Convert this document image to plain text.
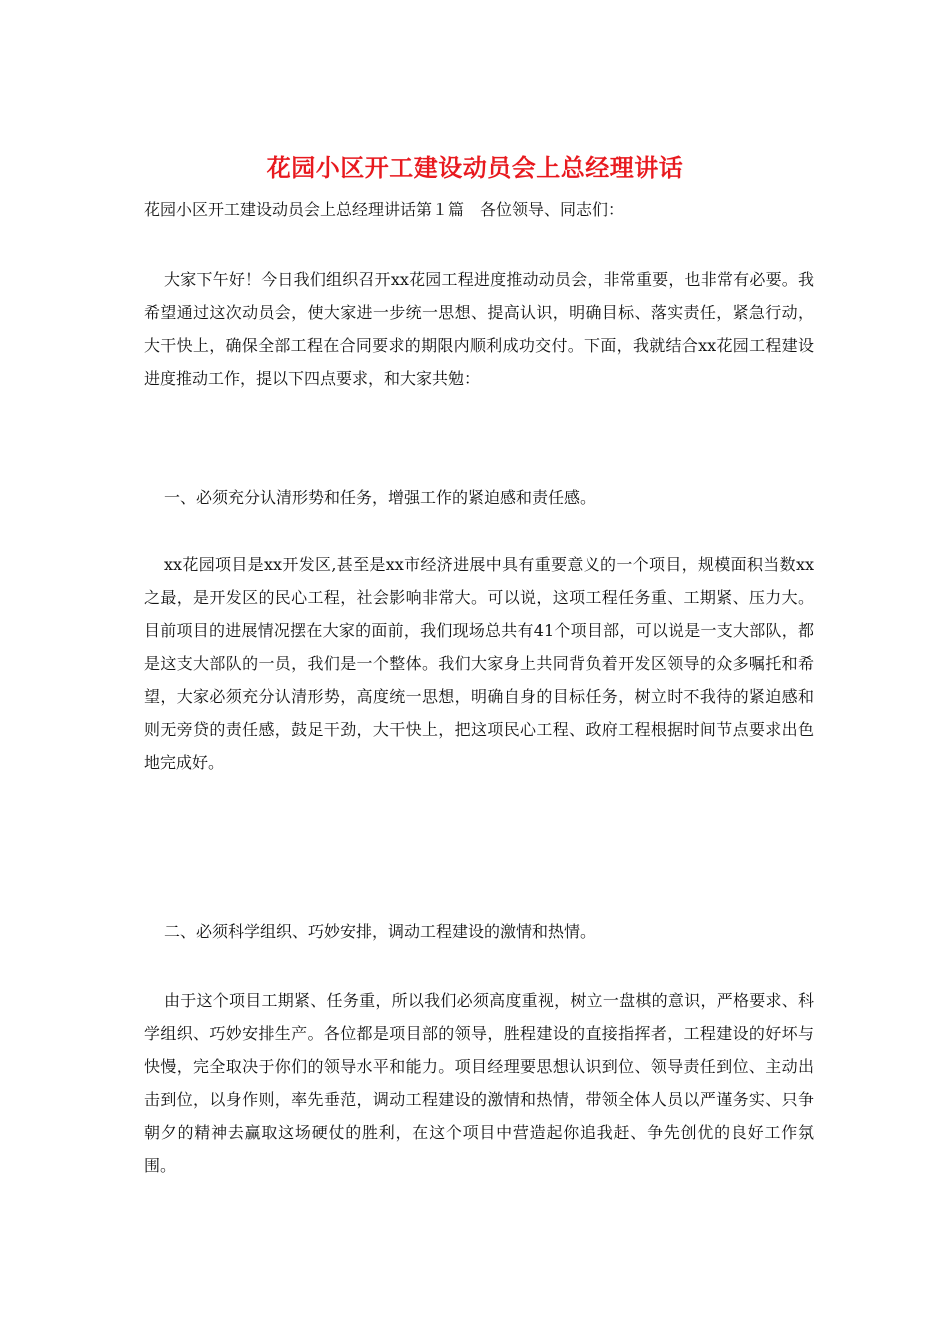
花园小区开工建设动员会上总经理讲话
花园小区开工建设动员会上总经理讲话第１篇　各位领导、同志们：

大家下午好！今日我们组织召开xx花园工程进度推动动员会，非常重要，也非常有必要。我希望通过这次动员会，使大家进一步统一思想、提高认识，明确目标、落实责任，紧急行动，大干快上，确保全部工程在合同要求的期限内顺利成功交付。下面，我就结合xx花园工程建设进度推动工作，提以下四点要求，和大家共勉：

一、必须充分认清形势和任务，增强工作的紧迫感和责任感。

xx花园项目是xx开发区,甚至是xx市经济进展中具有重要意义的一个项目，规模面积当数xx之最，是开发区的民心工程，社会影响非常大。可以说，这项工程任务重、工期紧、压力大。目前项目的进展情况摆在大家的面前，我们现场总共有41个项目部，可以说是一支大部队，都是这支大部队的一员，我们是一个整体。我们大家身上共同背负着开发区领导的众多嘱托和希望，大家必须充分认清形势，高度统一思想，明确自身的目标任务，树立时不我待的紧迫感和则无旁贷的责任感，鼓足干劲，大干快上，把这项民心工程、政府工程根据时间节点要求出色地完成好。

二、必须科学组织、巧妙安排，调动工程建设的激情和热情。

由于这个项目工期紧、任务重，所以我们必须高度重视，树立一盘棋的意识，严格要求、科学组织、巧妙安排生产。各位都是项目部的领导，胜程建设的直接指挥者，工程建设的好坏与快慢，完全取决于你们的领导水平和能力。项目经理要思想认识到位、领导责任到位、主动出击到位，以身作则，率先垂范，调动工程建设的激情和热情，带领全体人员以严谨务实、只争朝夕的精神去赢取这场硬仗的胜利，在这个项目中营造起你追我赶、争先创优的良好工作氛围。
